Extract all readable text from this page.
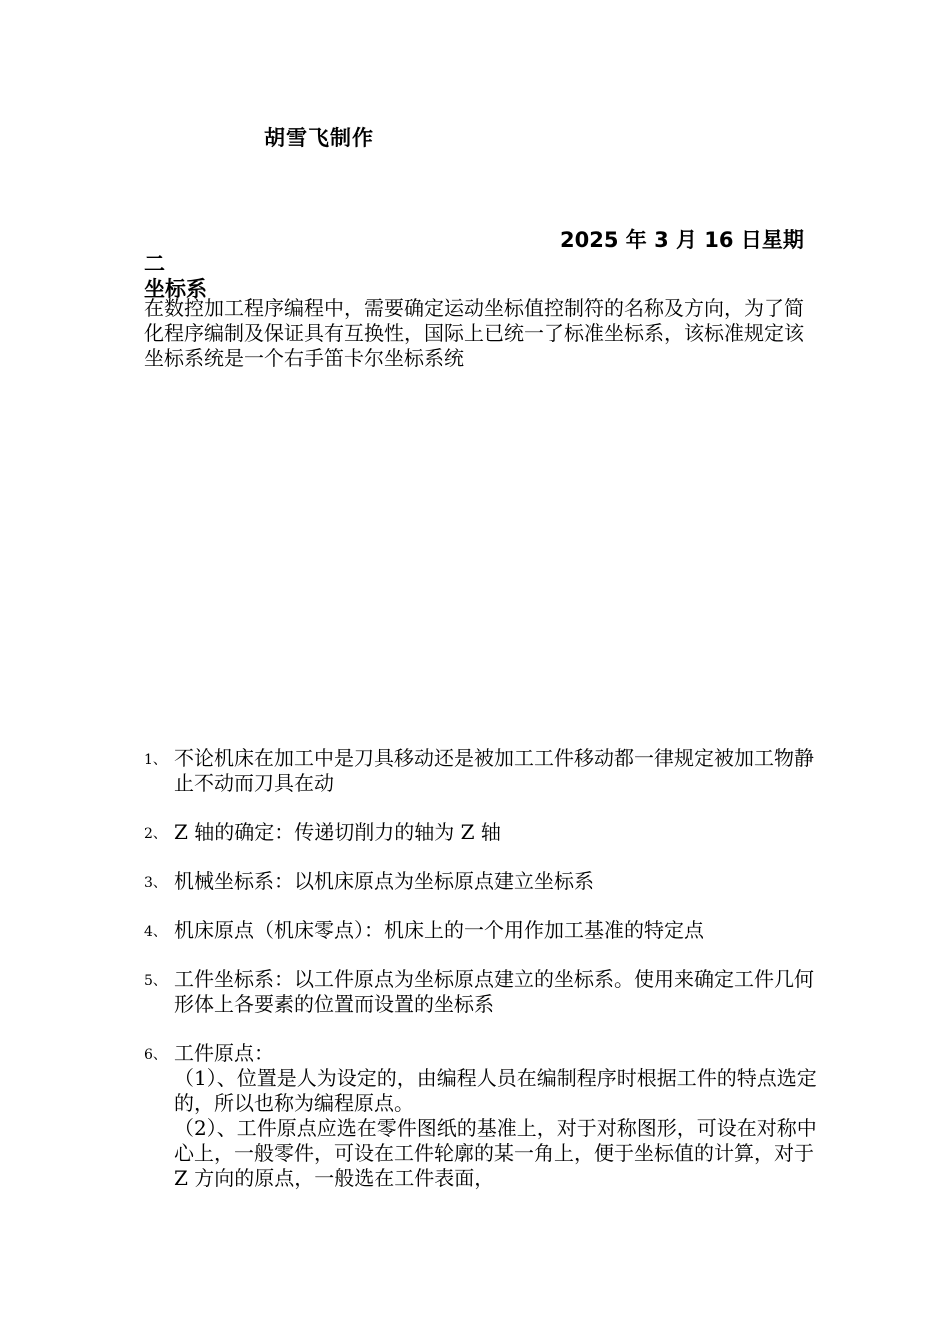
胡雪飞制作
2025 年 3 月 16 日星期
二
坐标系
在数控加工程序编程中，需要确定运动坐标值控制符的名称及方向，为了简化程序编制及保证具有互换性，国际上已统一了标准坐标系，该标准规定该坐标系统是一个右手笛卡尔坐标系统
1、 不论机床在加工中是刀具移动还是被加工工件移动都一律规定被加工物静止不动而刀具在动
2、 Z 轴的确定：传递切削力的轴为 Z 轴
3、 机械坐标系：以机床原点为坐标原点建立坐标系
4、 机床原点（机床零点）：机床上的一个用作加工基准的特定点
5、 工件坐标系：以工件原点为坐标原点建立的坐标系。使用来确定工件几何形体上各要素的位置而设置的坐标系
6、 工件原点：
（1）、位置是人为设定的，由编程人员在编制程序时根据工件的特点选定的，所以也称为编程原点。
（2）、工件原点应选在零件图纸的基准上，对于对称图形，可设在对称中心上，一般零件，可设在工件轮廓的某一角上，便于坐标值的计算，对于 Z 方向的原点，一般选在工件表面，
